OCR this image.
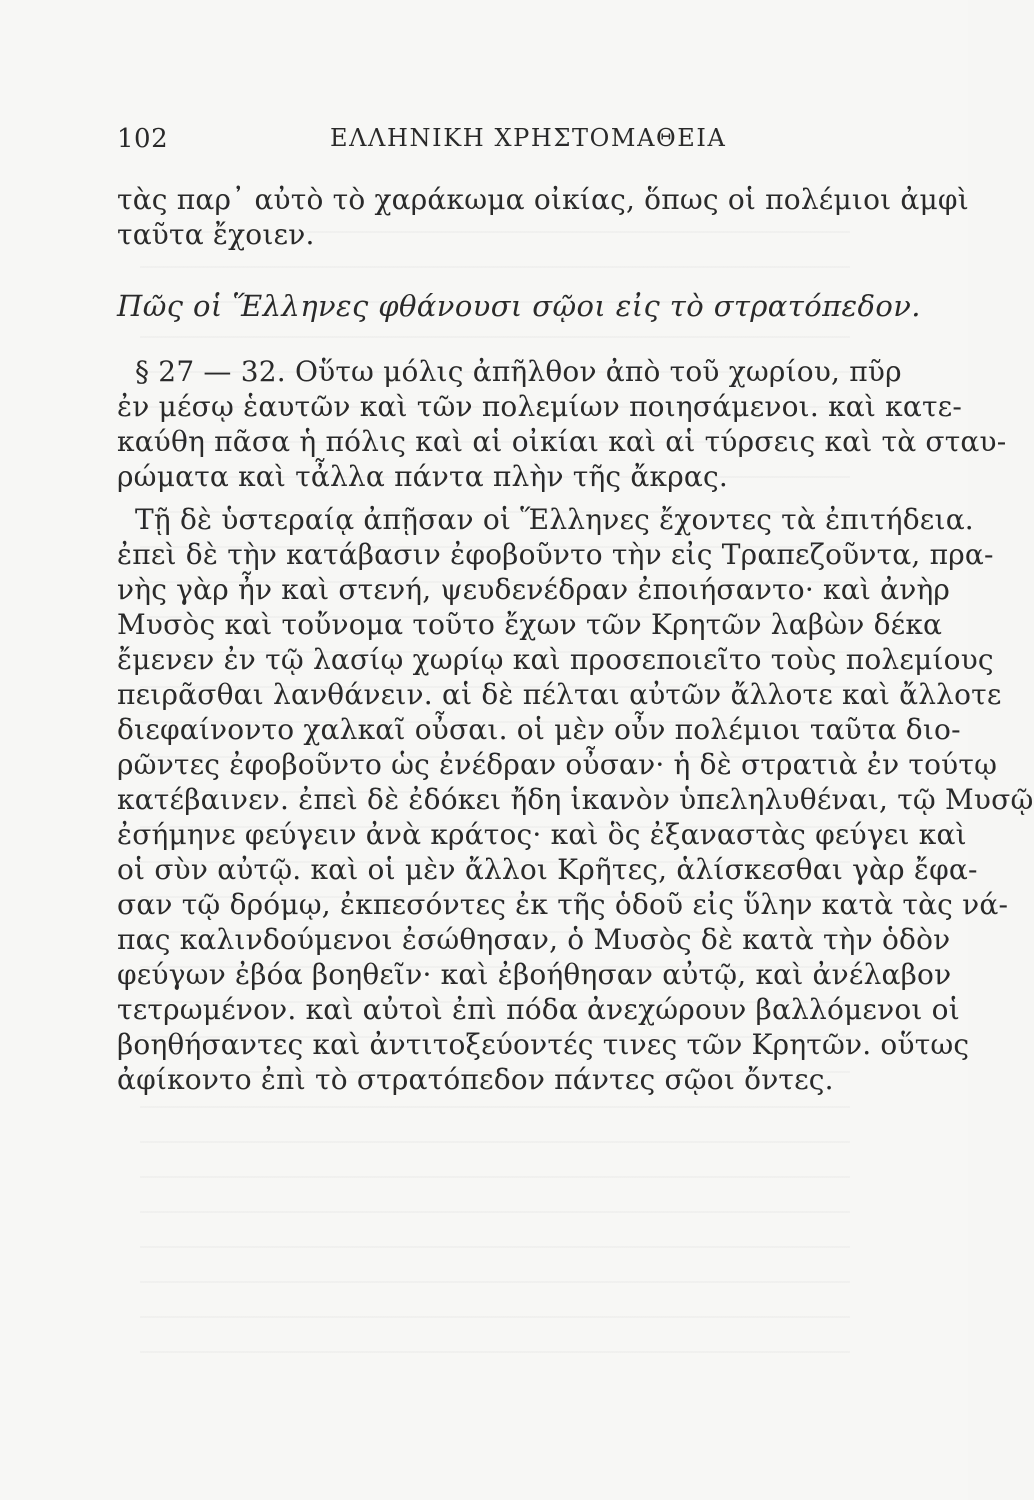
102	ΕΛΛΗΝΙΚΗ ΧΡΗΣΤΟΜΑΘΕΙΑ
τὰς παρ᾽ αὐτὸ τὸ χαράκωμα οἰκίας, ὅπως οἱ πολέμιοι ἀμφὶ
ταῦτα ἔχοιεν.
Πῶς οἱ Ἕλληνες φθάνουσι σῷοι εἰς τὸ στρατόπεδον.
§ 27 — 32. Οὕτω μόλις ἀπῆλθον ἀπὸ τοῦ χωρίου, πῦρ
ἐν μέσῳ ἑαυτῶν καὶ τῶν πολεμίων ποιησάμενοι. καὶ κατε-
καύθη πᾶσα ἡ πόλις καὶ αἱ οἰκίαι καὶ αἱ τύρσεις καὶ τὰ σταυ-
ρώματα καὶ τἆλλα πάντα πλὴν τῆς ἄκρας.
Τῇ δὲ ὑστεραίᾳ ἀπῇσαν οἱ Ἕλληνες ἔχοντες τὰ ἐπιτήδεια.
ἐπεὶ δὲ τὴν κατάβασιν ἐφοβοῦντο τὴν εἰς Τραπεζοῦντα, πρα-
νὴς γὰρ ἦν καὶ στενή, ψευδενέδραν ἐποιήσαντο· καὶ ἀνὴρ
Μυσὸς καὶ τοὔνομα τοῦτο ἔχων τῶν Κρητῶν λαβὼν δέκα
ἔμενεν ἐν τῷ λασίῳ χωρίῳ καὶ προσεποιεῖτο τοὺς πολεμίους
πειρᾶσθαι λανθάνειν. αἱ δὲ πέλται αὐτῶν ἄλλοτε καὶ ἄλλοτε
διεφαίνοντο χαλκαῖ οὖσαι. οἱ μὲν οὖν πολέμιοι ταῦτα διο-
ρῶντες ἐφοβοῦντο ὡς ἐνέδραν οὖσαν· ἡ δὲ στρατιὰ ἐν τούτῳ
κατέβαινεν. ἐπεὶ δὲ ἐδόκει ἤδη ἱκανὸν ὑπεληλυθέναι, τῷ Μυσῷ
ἐσήμηνε φεύγειν ἀνὰ κράτος· καὶ ὃς ἐξαναστὰς φεύγει καὶ
οἱ σὺν αὐτῷ. καὶ οἱ μὲν ἄλλοι Κρῆτες, ἁλίσκεσθαι γὰρ ἔφα-
σαν τῷ δρόμῳ, ἐκπεσόντες ἐκ τῆς ὁδοῦ εἰς ὕλην κατὰ τὰς νά-
πας καλινδούμενοι ἐσώθησαν, ὁ Μυσὸς δὲ κατὰ τὴν ὁδὸν
φεύγων ἐβόα βοηθεῖν· καὶ ἐβοήθησαν αὐτῷ, καὶ ἀνέλαβον
τετρωμένον. καὶ αὐτοὶ ἐπὶ πόδα ἀνεχώρουν βαλλόμενοι οἱ
βοηθήσαντες καὶ ἀντιτοξεύοντές τινες τῶν Κρητῶν. οὕτως
ἀφίκοντο ἐπὶ τὸ στρατόπεδον πάντες σῷοι ὄντες.
